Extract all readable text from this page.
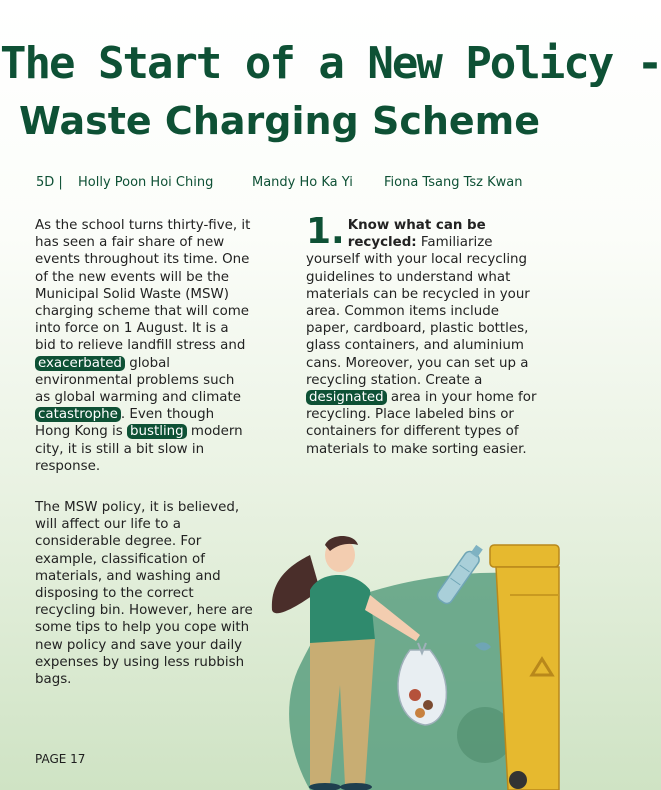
The Start of a New Policy -
Waste Charging Scheme
5D | Holly Poon Hoi Ching	Mandy Ho Ka Yi Fiona Tsang Tsz Kwan

As the school turns thirty-five, it has seen a fair share of new events throughout its time. One of the new events will be the Municipal Solid Waste (MSW) charging scheme that will come into force on 1 August. It is a bid to relieve landfill stress and exacerbated global environmental problems such as global warming and climate catastrophe . Even though Hong Kong is bustling modern city, it is still a bit slow in response.

The MSW policy, it is believed, will affect our life to a considerable degree. For example, classification of materials, and washing and disposing to the correct recycling bin. However, here are some tips to help you cope with new policy and save your daily expenses by using less rubbish bags.

1. Know what can be recycled: Familiarize yourself with your local recycling guidelines to understand what materials can be recycled in your area. Common items include paper, cardboard, plastic bottles, glass containers, and aluminium cans. Moreover, you can set up a recycling station. Create a designated area in your home for recycling. Place labeled bins or containers for different types of materials to make sorting easier.

PAGE 17
